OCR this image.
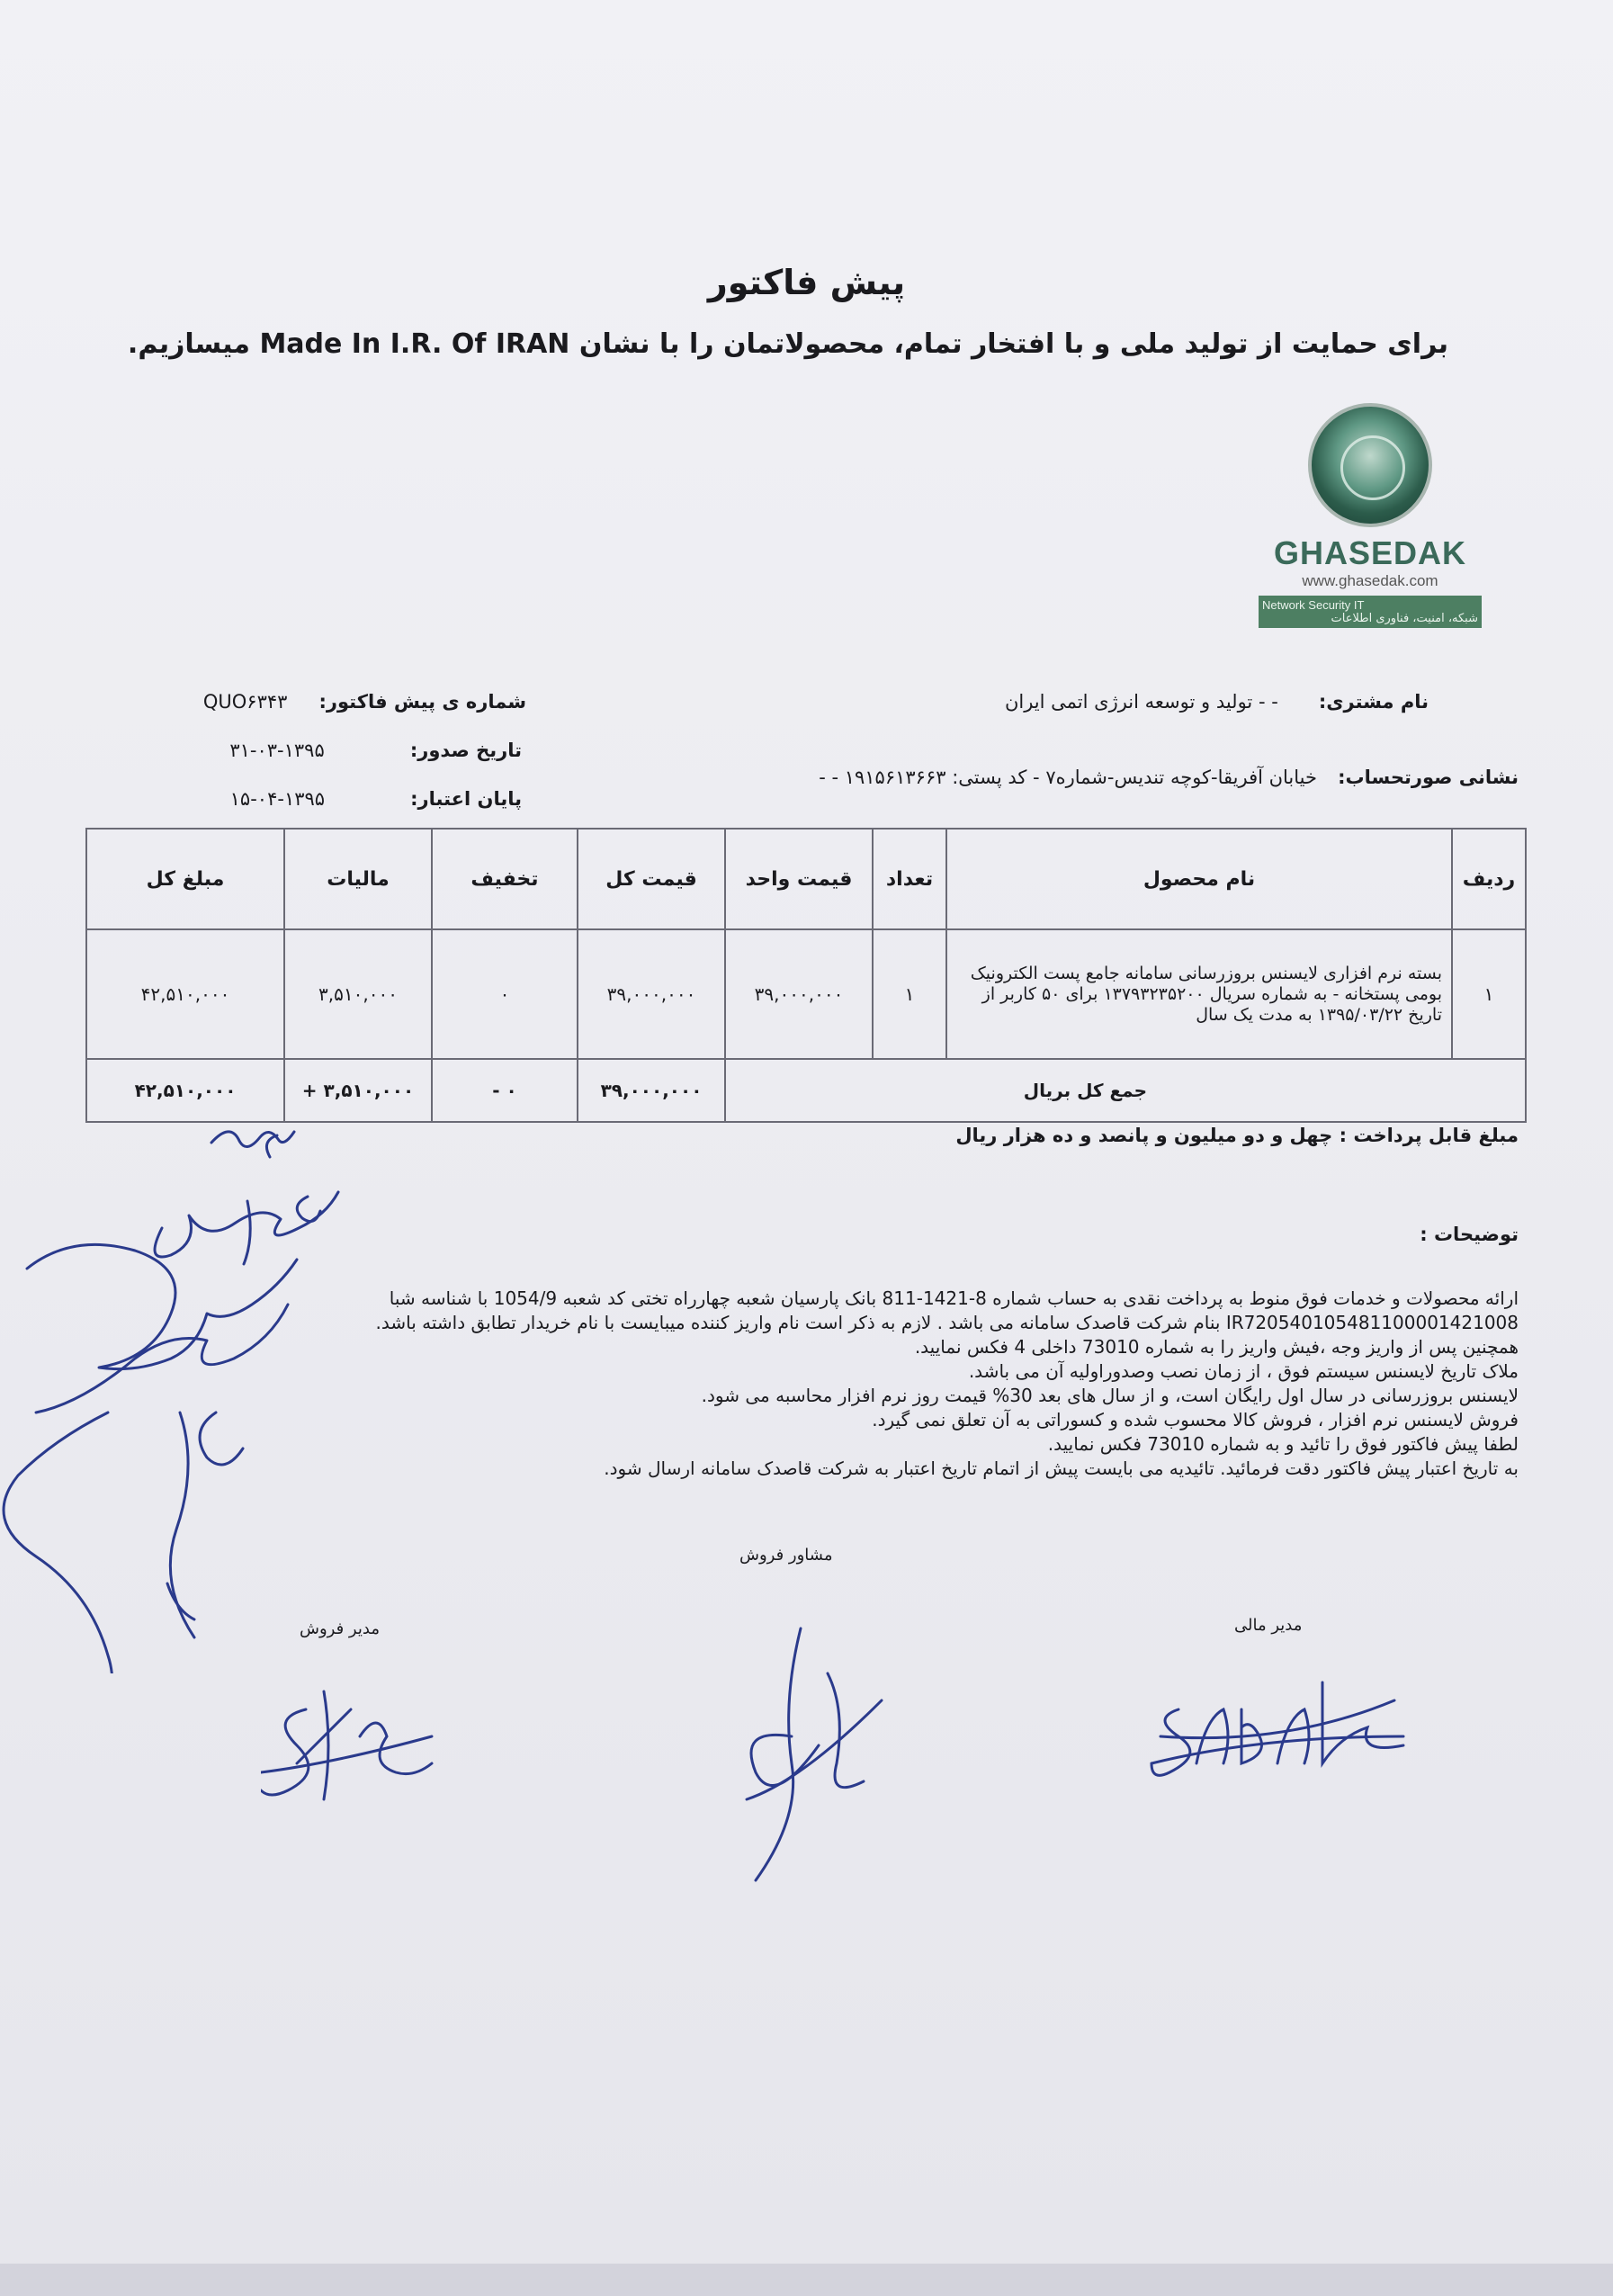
پیش فاکتور
برای حمایت از تولید ملی و با افتخار تمام، محصولاتمان را با نشان Made In I.R. Of IRAN میسازیم.
GHASEDAK
www.ghasedak.com
Network Security IT
شبکه، امنیت، فناوری اطلاعات
نام مشتری: - - تولید و توسعه انرژی اتمی ایران
نشانی صورتحساب: خیابان آفریقا-کوچه تندیس-شماره۷ - کد پستی: ۱۹۱۵۶۱۳۶۶۳ - -
شماره ی پیش فاکتور: QUO۶۳۴۳
تاریخ صدور: ۱۳۹۵-۰۳-۳۱
پایان اعتبار: ۱۳۹۵-۰۴-۱۵
ردیف	نام محصول	تعداد	قیمت واحد	قیمت کل	تخفیف	مالیات	مبلغ کل
۱	بسته نرم افزاری لایسنس بروزرسانی سامانه جامع پست الکترونیک بومی پستخانه - به شماره سریال ۱۳۷۹۳۲۳۵۲۰۰ برای ۵۰ کاربر از تاریخ ۱۳۹۵/۰۳/۲۲ به مدت یک سال	۱	۳۹,۰۰۰,۰۰۰	۳۹,۰۰۰,۰۰۰	۰	۳,۵۱۰,۰۰۰	۴۲,۵۱۰,۰۰۰
جمع کل بریال				۳۹,۰۰۰,۰۰۰	۰ -	۳,۵۱۰,۰۰۰ +	۴۲,۵۱۰,۰۰۰
مبلغ قابل پرداخت : چهل و دو میلیون و پانصد و ده هزار ریال
توضیحات :

ارائه محصولات و خدمات فوق منوط به پرداخت نقدی به حساب شماره 8-1421-811 بانک پارسیان شعبه چهارراه تختی کد شعبه 1054/9 با شناسه شبا

IR720540105481100001421008 بنام شرکت قاصدک سامانه می باشد . لازم به ذکر است نام واریز کننده میبایست با نام خریدار تطابق داشته باشد.

همچنین پس از واریز وجه ،فیش واریز را به شماره 73010 داخلی 4 فکس نمایید.

ملاک تاریخ لایسنس سیستم فوق ، از زمان نصب وصدوراولیه آن می باشد.

لایسنس بروزرسانی در سال اول رایگان است، و از سال های بعد 30% قیمت روز نرم افزار محاسبه می شود.

فروش لایسنس نرم افزار ، فروش کالا محسوب شده و کسوراتی به آن تعلق نمی گیرد.

لطفا پیش فاکتور فوق را تائید و به شماره 73010 فکس نمایید.

به تاریخ اعتبار پیش فاکتور دقت فرمائید. تائیدیه می بایست پیش از اتمام تاریخ اعتبار به شرکت قاصدک سامانه ارسال شود.

مشاور فروش
مدیر فروش	مدیر مالی
